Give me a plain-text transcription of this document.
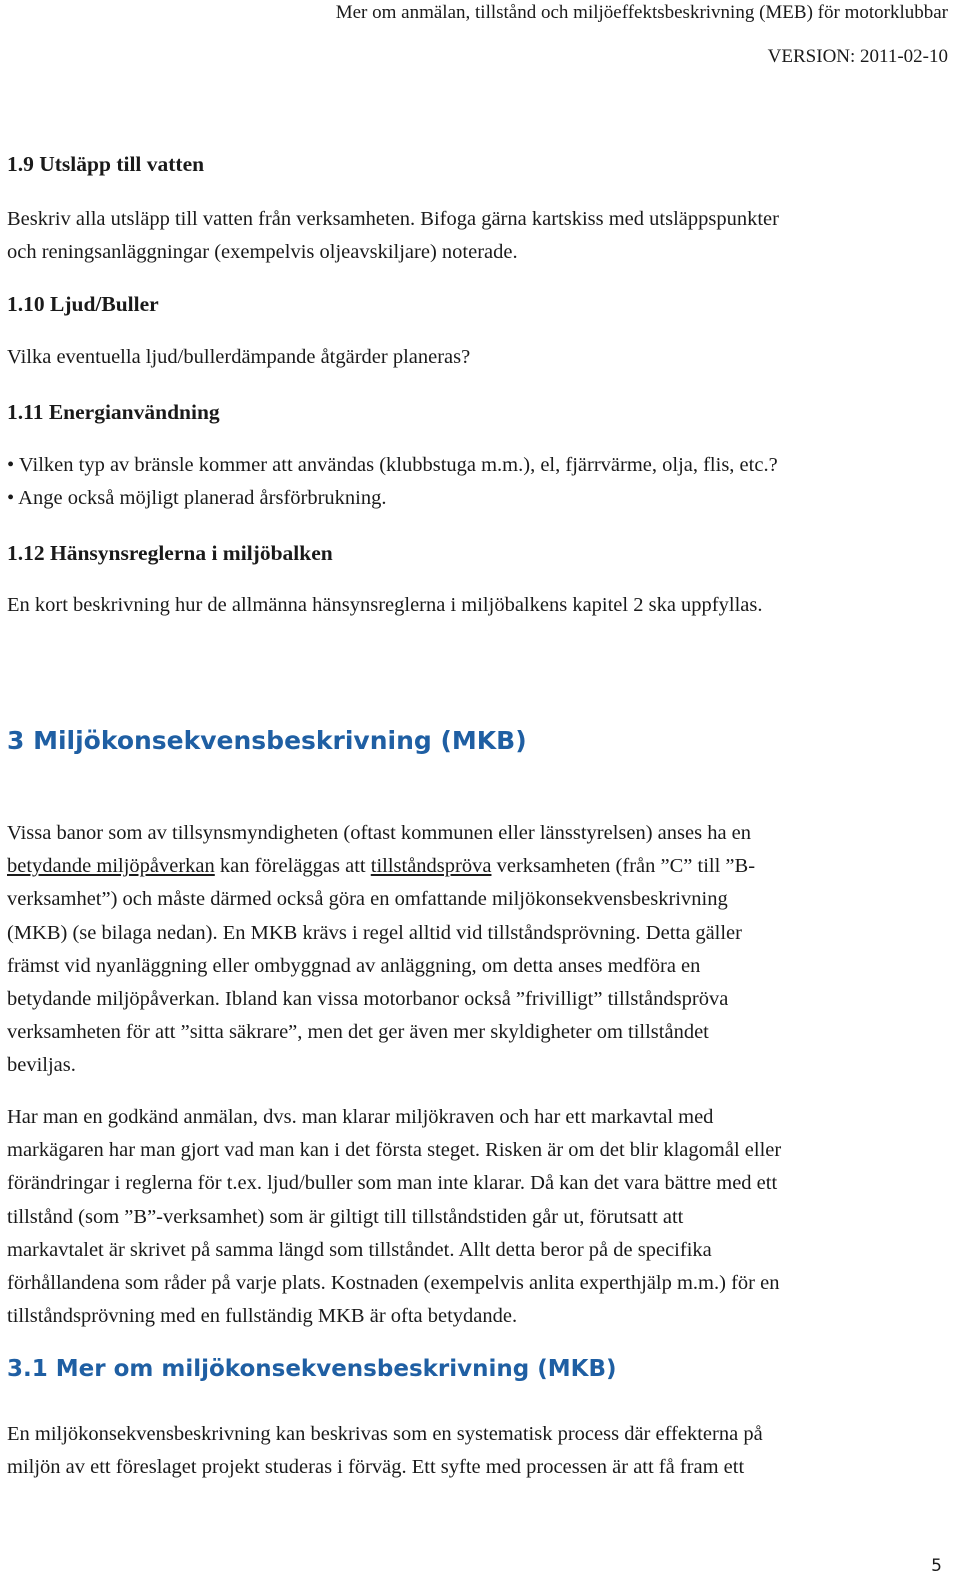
Mer om anmälan, tillstånd och miljöeffektsbeskrivning (MEB) för motorklubbar
VERSION: 2011-02-10
1.9 Utsläpp till vatten
Beskriv alla utsläpp till vatten från verksamheten. Bifoga gärna kartskiss med utsläppspunkter
och reningsanläggningar (exempelvis oljeavskiljare) noterade.
1.10 Ljud/Buller
Vilka eventuella ljud/bullerdämpande åtgärder planeras?
1.11 Energianvändning
• Vilken typ av bränsle kommer att användas (klubbstuga m.m.), el, fjärrvärme, olja, flis, etc.?
• Ange också möjligt planerad årsförbrukning.
1.12 Hänsynsreglerna i miljöbalken
En kort beskrivning hur de allmänna hänsynsreglerna i miljöbalkens kapitel 2 ska uppfyllas.
3 Miljökonsekvensbeskrivning (MKB)
Vissa banor som av tillsynsmyndigheten (oftast kommunen eller länsstyrelsen) anses ha en
betydande miljöpåverkan kan föreläggas att tillståndspröva verksamheten (från ”C” till ”B-
verksamhet”) och måste därmed också göra en omfattande miljökonsekvensbeskrivning
(MKB) (se bilaga nedan). En MKB krävs i regel alltid vid tillståndsprövning. Detta gäller
främst vid nyanläggning eller ombyggnad av anläggning, om detta anses medföra en
betydande miljöpåverkan. Ibland kan vissa motorbanor också ”frivilligt” tillståndspröva
verksamheten för att ”sitta säkrare”, men det ger även mer skyldigheter om tillståndet
beviljas.
Har man en godkänd anmälan, dvs. man klarar miljökraven och har ett markavtal med
markägaren har man gjort vad man kan i det första steget. Risken är om det blir klagomål eller
förändringar i reglerna för t.ex. ljud/buller som man inte klarar. Då kan det vara bättre med ett
tillstånd (som ”B”-verksamhet) som är giltigt till tillståndstiden går ut, förutsatt att
markavtalet är skrivet på samma längd som tillståndet. Allt detta beror på de specifika
förhållandena som råder på varje plats. Kostnaden (exempelvis anlita experthjälp m.m.) för en
tillståndsprövning med en fullständig MKB är ofta betydande.
3.1 Mer om miljökonsekvensbeskrivning (MKB)
En miljökonsekvensbeskrivning kan beskrivas som en systematisk process där effekterna på
miljön av ett föreslaget projekt studeras i förväg. Ett syfte med processen är att få fram ett
5
